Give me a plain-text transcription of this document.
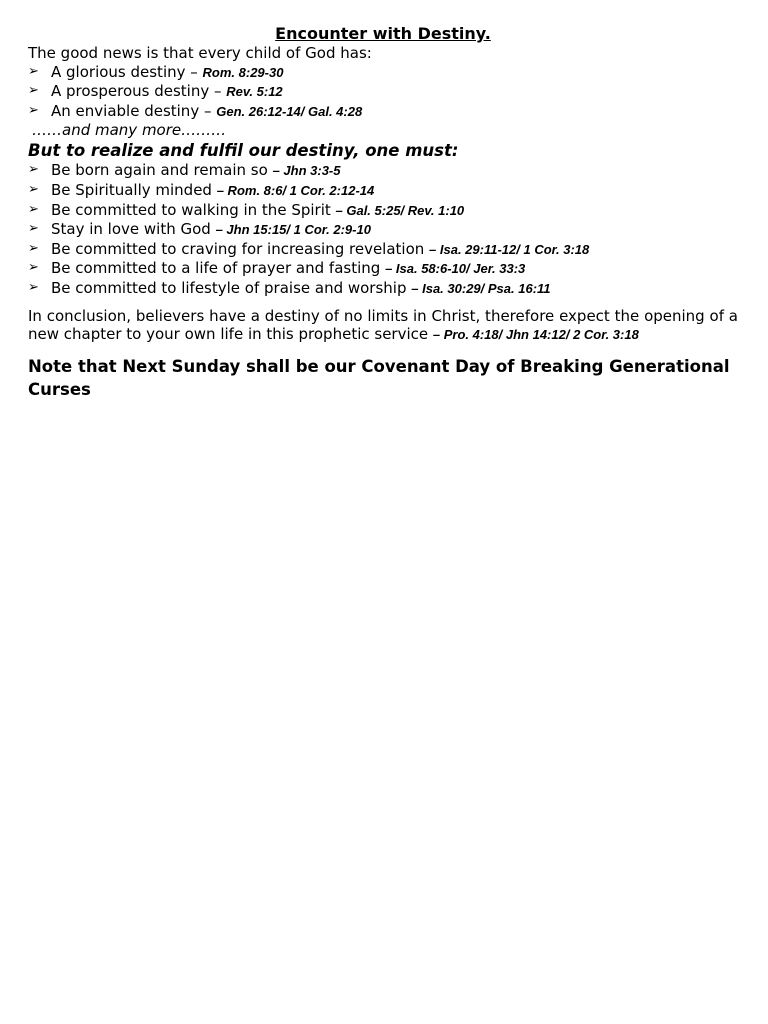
Encounter with Destiny.
The good news is that every child of God has:
➢ A glorious destiny – Rom. 8:29-30
➢ A prosperous destiny – Rev. 5:12
➢ An enviable destiny – Gen. 26:12-14/ Gal. 4:28
……and many more………
But to realize and fulfil our destiny, one must:
➢ Be born again and remain so – Jhn 3:3-5
➢ Be Spiritually minded – Rom. 8:6/ 1 Cor. 2:12-14
➢ Be committed to walking in the Spirit – Gal. 5:25/ Rev. 1:10
➢ Stay in love with God – Jhn 15:15/ 1 Cor. 2:9-10
➢ Be committed to craving for increasing revelation – Isa. 29:11-12/ 1 Cor. 3:18
➢ Be committed to a life of prayer and fasting – Isa. 58:6-10/ Jer. 33:3
➢ Be committed to lifestyle of praise and worship – Isa. 30:29/ Psa. 16:11
In conclusion, believers have a destiny of no limits in Christ, therefore expect the opening of a new chapter to your own life in this prophetic service – Pro. 4:18/ Jhn 14:12/ 2 Cor. 3:18
Note that Next Sunday shall be our Covenant Day of Breaking Generational Curses
